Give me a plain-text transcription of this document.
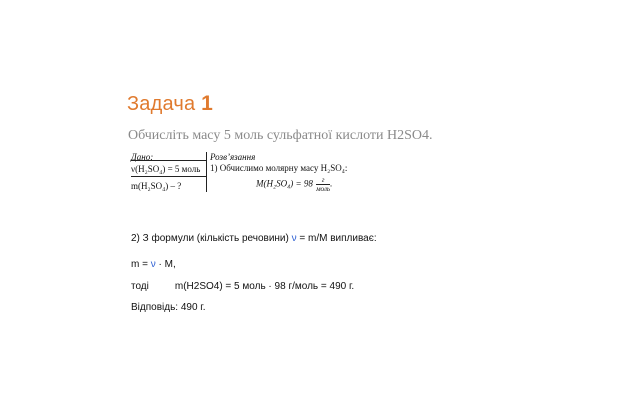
Задача 1
Обчисліть масу 5 моль сульфатної кислоти H2SO4.
Дано:
ν(H₂SO₄) = 5 моль
m(H₂SO₄) – ?
Розв’язання
1) Обчислимо молярну масу H₂SO₄:
$M(H_2SO_4) = 98 \frac{г}{\text{моль}}$ .
2) З формули (кількість речовини) ν = m/M випливає:
m = ν · M,
тоді	m(H2SO4) = 5 моль · 98 г/моль = 490 г.
Відповідь: 490 г.
